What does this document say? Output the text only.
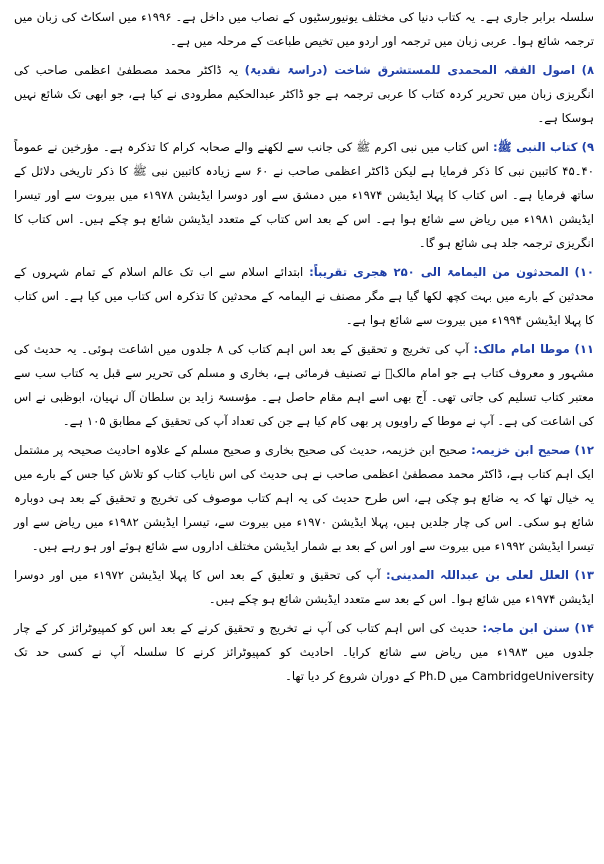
سلسلہ برابر جاری ہے۔ یہ کتاب دنیا کی مختلف یونیورسٹیوں کے نصاب میں داخل ہے۔ ۱۹۹۶ء میں اسکاٹ کی زبان میں ترجمہ شائع ہوا۔ عربی زبان میں ترجمہ اور اردو میں تخیص طباعت کے مرحلہ میں ہے۔

۸) اصول الفقہ المحمدی للمستشرق شاخت (دراسۃ نقدیۃ) یہ ڈاکٹر محمد مصطفیٰ اعظمی صاحب کی انگریزی زبان میں تحریر کردہ کتاب کا عربی ترجمہ ہے جو ڈاکٹر عبدالحکیم مطرودی نے کیا ہے، جو ابھی تک شائع نہیں ہوسکا ہے۔

۹) کتاب النبی ﷺ: اس کتاب میں نبی اکرم ﷺ کی جانب سے لکھنے والے صحابہ کرام کا تذکرہ ہے۔ مؤرخین نے عموماً ۴۰۔۴۵ کاتبین نبی کا ذکر فرمایا ہے لیکن ڈاکٹر اعظمی صاحب نے ۶۰ سے زیادہ کاتبین نبی ﷺ کا ذکر تاریخی دلائل کے ساتھ فرمایا ہے۔ اس کتاب کا پہلا ایڈیشن ۱۹۷۴ء میں دمشق سے اور دوسرا ایڈیشن ۱۹۷۸ء میں بیروت سے اور تیسرا ایڈیشن ۱۹۸۱ء میں ریاض سے شائع ہوا ہے۔ اس کے بعد اس کتاب کے متعدد ایڈیشن شائع ہو چکے ہیں۔ اس کتاب کا انگریزی ترجمہ جلد ہی شائع ہو گا۔

۱۰) المحدثون من الیمامۃ الی ۲۵۰ ھجری تقریباً: ابتدائے اسلام سے اب تک عالم اسلام کے تمام شہروں کے محدثین کے بارے میں بہت کچھ لکھا گیا ہے مگر مصنف نے الیمامہ کے محدثین کا تذکرہ اس کتاب میں کیا ہے۔ اس کتاب کا پہلا ایڈیشن ۱۹۹۴ء میں بیروت سے شائع ہوا ہے۔

۱۱) موطا امام مالک: آپ کی تخریج و تحقیق کے بعد اس اہم کتاب کی ۸ جلدوں میں اشاعت ہوئی۔ یہ حدیث کی مشہور و معروف کتاب ہے جو امام مالکؒ نے تصنیف فرمائی ہے، بخاری و مسلم کی تحریر سے قبل یہ کتاب سب سے معتبر کتاب تسلیم کی جاتی تھی۔ آج بھی اسے اہم مقام حاصل ہے۔ مؤسسۃ زاید بن سلطان آل نہیان، ابوظبی نے اس کی اشاعت کی ہے۔ آپ نے موطا کے راویوں پر بھی کام کیا ہے جن کی تعداد آپ کی تحقیق کے مطابق ۱۰۵ ہے۔

۱۲) صحیح ابن خزیمہ: صحیح ابن خزیمہ، حدیث کی صحیح بخاری و صحیح مسلم کے علاوہ احادیث صحیحہ پر مشتمل ایک اہم کتاب ہے، ڈاکٹر محمد مصطفیٰ اعظمی صاحب نے ہی حدیث کی اس نایاب کتاب کو تلاش کیا جس کے بارے میں یہ خیال تھا کہ یہ ضائع ہو چکی ہے، اس طرح حدیث کی یہ اہم کتاب موصوف کی تخریج و تحقیق کے بعد ہی دوبارہ شائع ہو سکی۔ اس کی چار جلدیں ہیں، پہلا ایڈیشن ۱۹۷۰ء میں بیروت سے، تیسرا ایڈیشن ۱۹۸۲ء میں ریاض سے اور تیسرا ایڈیشن ۱۹۹۲ء میں بیروت سے اور اس کے بعد بے شمار ایڈیشن مختلف اداروں سے شائع ہوئے اور ہو رہے ہیں۔

۱۳) العلل لعلی بن عبداللہ المدینی: آپ کی تحقیق و تعلیق کے بعد اس کا پہلا ایڈیشن ۱۹۷۲ء میں اور دوسرا ایڈیشن ۱۹۷۴ء میں شائع ہوا۔ اس کے بعد سے متعدد ایڈیشن شائع ہو چکے ہیں۔

۱۴) سنن ابن ماجہ: حدیث کی اس اہم کتاب کی آپ نے تخریج و تحقیق کرنے کے بعد اس کو کمپیوٹرائز کر کے چار جلدوں میں ۱۹۸۳ء میں ریاض سے شائع کرایا۔ احادیث کو کمپیوٹرائز کرنے کا سلسلہ آپ نے کسی حد تک CambridgeUniversity میں Ph.D کے دوران شروع کر دیا تھا۔
